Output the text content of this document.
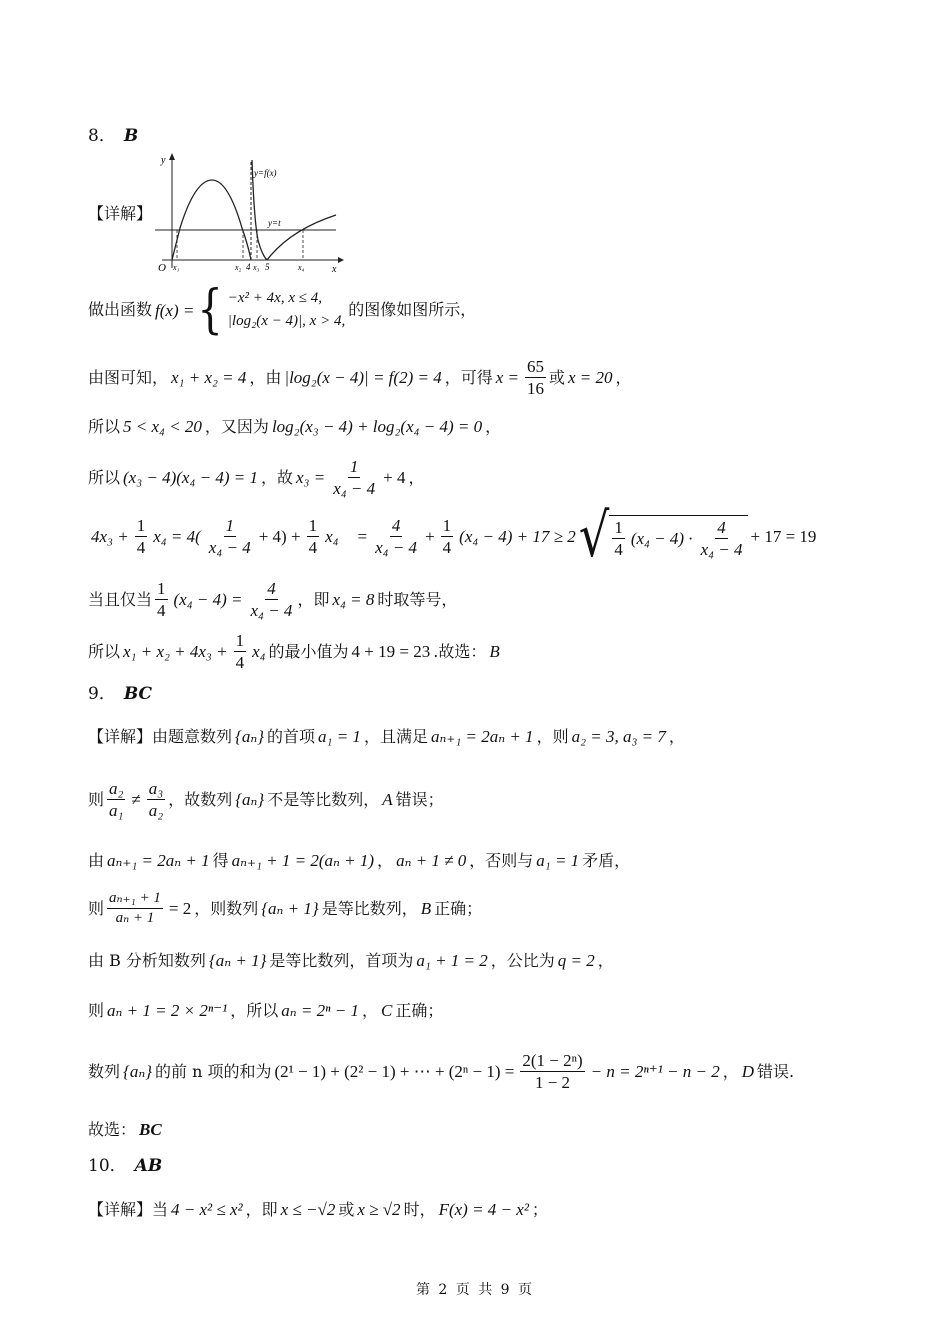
8． B
【详解】
y
x
O
y=f(x)
y=t
x₁	x₂ 4 x₃ 5	x₄
做出函数 f(x) = { −x² + 4x, x ≤ 4,
|log₂(x − 4)|, x > 4,
的图像如图所示，
由图可知， x₁ + x₂ = 4 ，由 |log₂(x − 4)| = f(2) = 4 ，可得 $x = \frac{65}{16}$ 或 x = 20 ，
所以 5 < x₄ < 20 ，又因为 log₂(x₃ − 4) + log₂(x₄ − 4) = 0 ，
所以 (x₃ − 4)(x₄ − 4) = 1 ，故 $x_3 = \frac{1}{\text{x₄ − 4}} + 4$ ，
$4x_3 + \frac{1}{4} x_4 = 4( \frac{1}{\text{x₄ − 4}} + 4) + \frac{1}{4} x_4 = \frac{4}{\text{x₄ − 4}} + \frac{1}{4} (x_4 - 4) + 17 \ge 2$ √ $\frac{1}{4} (x_4 - 4) \cdot \frac{4}{\text{x₄ − 4}} + 17 = 19$
当且仅当 $\frac{1}{4} (x_4 - 4) = \frac{4}{\text{x₄ − 4}}$ ，即 x₄ = 8 时取等号，
所以 $x_1 + x_2 + 4x_3 + \frac{1}{4} x_4$ 的最小值为 4 + 19 = 23 .故选： B
9． BC
【详解】 由题意数列 {aₙ} 的首项 a₁ = 1 ，且满足 aₙ₊₁ = 2aₙ + 1 ，则 a₂ = 3, a₃ = 7 ，
则 $\frac{\text{a₂}}{\text{a₁}} \ne \frac{\text{a₃}}{\text{a₂}}$ ，故数列 {aₙ} 不是等比数列， A 错误；
由 aₙ₊₁ = 2aₙ + 1 得 aₙ₊₁ + 1 = 2(aₙ + 1) ， aₙ + 1 ≠ 0 ，否则与 a₁ = 1 矛盾，
则 $\frac{\text{aₙ₊₁ + 1}}{\text{aₙ + 1}} = 2$ ，则数列 {aₙ + 1} 是等比数列， B 正确；
由 B 分析知数列 {aₙ + 1} 是等比数列，首项为 a₁ + 1 = 2 ，公比为 q = 2 ，
则 aₙ + 1 = 2 × 2ⁿ⁻¹ ，所以 aₙ = 2ⁿ − 1 ， C 正确；
数列 {aₙ} 的前 n 项的和为 (2¹ − 1) + (2² − 1) + ⋯ + $(2^n - 1) = \frac{\text{2(1 − 2ⁿ)}}{1 - 2} - n = 2^{n+1} - n - 2$ ， D 错误.
故选： BC
10． AB
【详解】 当 4 − x² ≤ x² ，即 x ≤ −√2 或 x ≥ √2 时， F(x) = 4 − x² ；
第 2 页 共 9 页
